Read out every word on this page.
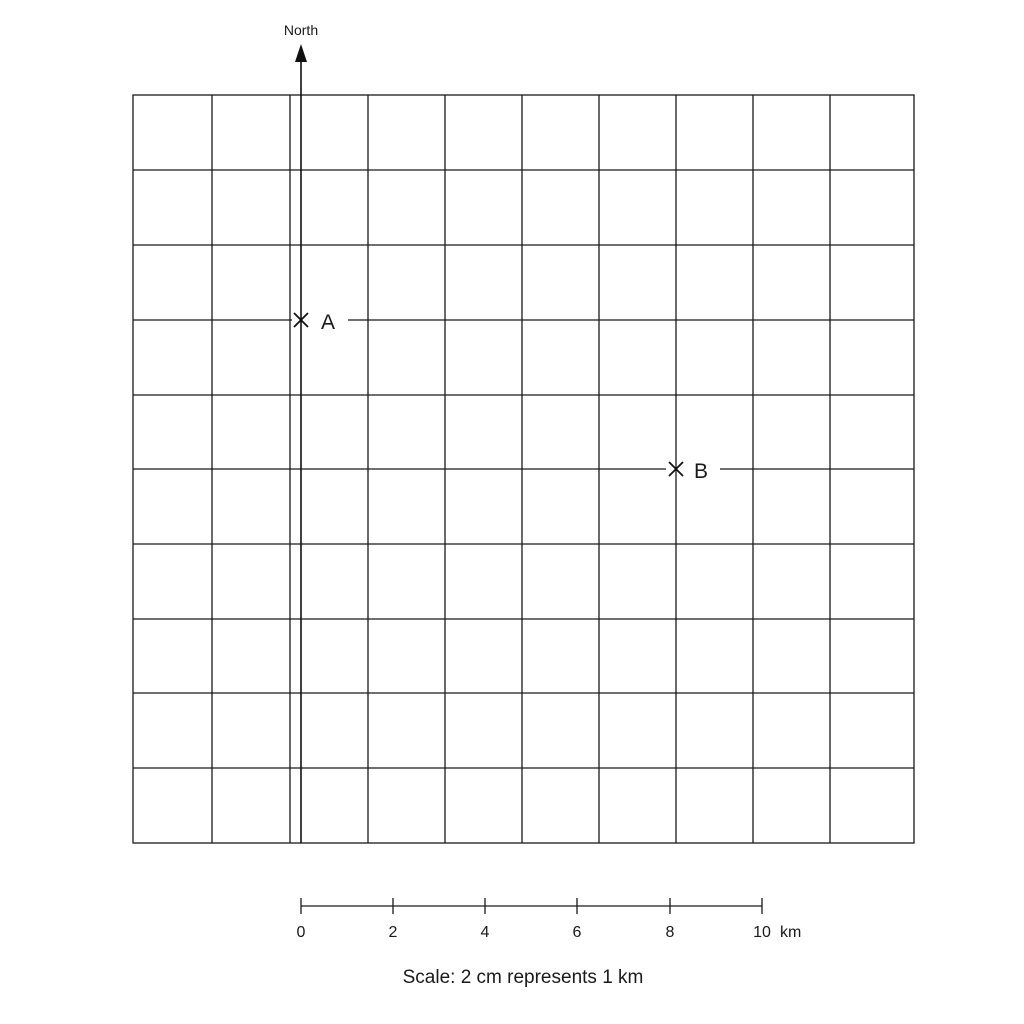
North
A
B
0	2	4	6	8	10 km
Scale: 2 cm represents 1 km
